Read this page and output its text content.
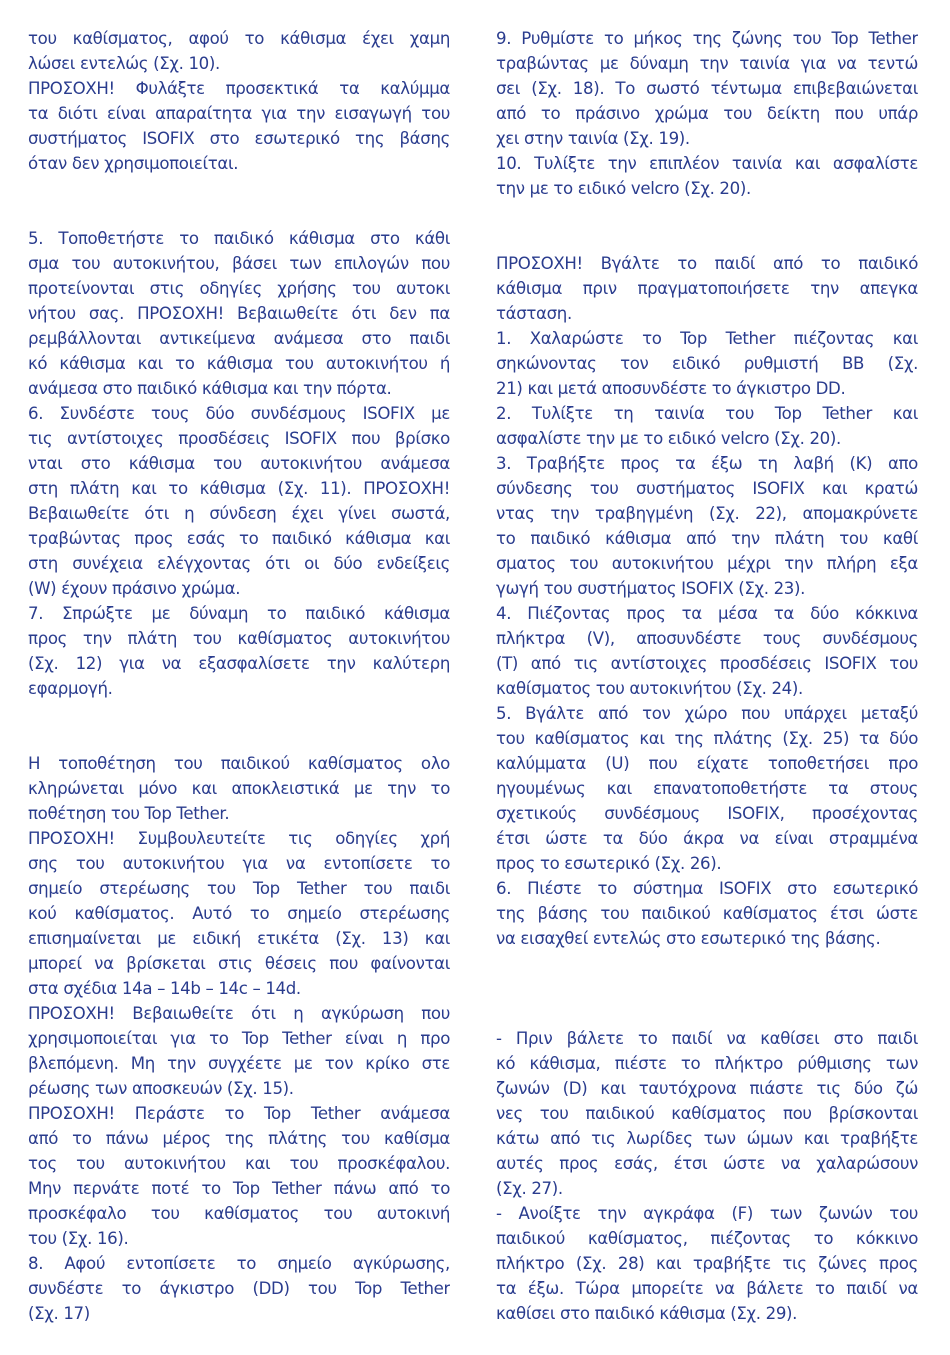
του καθίσματος, αφού το κάθισμα έχει χαμη
λώσει εντελώς (Σχ. 10).
ΠΡΟΣΟΧΗ! Φυλάξτε προσεκτικά τα καλύμμα
τα διότι είναι απαραίτητα για την εισαγωγή του
συστήματος ISOFIX στο εσωτερικό της βάσης
όταν δεν χρησιμοποιείται.
5. Τοποθετήστε το παιδικό κάθισμα στο κάθι
σμα του αυτοκινήτου, βάσει των επιλογών που
προτείνονται στις οδηγίες χρήσης του αυτοκι
νήτου σας. ΠΡΟΣΟΧΗ! Βεβαιωθείτε ότι δεν πα
ρεμβάλλονται αντικείμενα ανάμεσα στο παιδι
κό κάθισμα και το κάθισμα του αυτοκινήτου ή
ανάμεσα στο παιδικό κάθισμα και την πόρτα.
6. Συνδέστε τους δύο συνδέσμους ISOFIX με
τις αντίστοιχες προσδέσεις ISOFIX που βρίσκο
νται στο κάθισμα του αυτοκινήτου ανάμεσα
στη πλάτη και το κάθισμα (Σχ. 11). ΠΡΟΣΟΧΗ!
Βεβαιωθείτε ότι η σύνδεση έχει γίνει σωστά,
τραβώντας προς εσάς το παιδικό κάθισμα και
στη συνέχεια ελέγχοντας ότι οι δύο ενδείξεις
(W) έχουν πράσινο χρώμα.
7. Σπρώξτε με δύναμη το παιδικό κάθισμα
προς την πλάτη του καθίσματος αυτοκινήτου
(Σχ. 12) για να εξασφαλίσετε την καλύτερη
εφαρμογή.
Η τοποθέτηση του παιδικού καθίσματος ολο
κληρώνεται μόνο και αποκλειστικά με την το
ποθέτηση του Top Tether.
ΠΡΟΣΟΧΗ! Συμβουλευτείτε τις οδηγίες χρή
σης του αυτοκινήτου για να εντοπίσετε το
σημείο στερέωσης του Top Tether του παιδι
κού καθίσματος. Αυτό το σημείο στερέωσης
επισημαίνεται με ειδική ετικέτα (Σχ. 13) και
μπορεί να βρίσκεται στις θέσεις που φαίνονται
στα σχέδια 14a – 14b – 14c – 14d.
ΠΡΟΣΟΧΗ! Βεβαιωθείτε ότι η αγκύρωση που
χρησιμοποιείται για το Top Tether είναι η προ
βλεπόμενη. Μη την συγχέετε με τον κρίκο στε
ρέωσης των αποσκευών (Σχ. 15).
ΠΡΟΣΟΧΗ! Περάστε το Top Tether ανάμεσα
από το πάνω μέρος της πλάτης του καθίσμα
τος του αυτοκινήτου και του προσκέφαλου.
Μην περνάτε ποτέ το Top Tether πάνω από το
προσκέφαλο του καθίσματος του αυτοκινή
του (Σχ. 16).
8. Αφού εντοπίσετε το σημείο αγκύρωσης,
συνδέστε το άγκιστρο (DD) του Top Tether
(Σχ. 17)
9. Ρυθμίστε το μήκος της ζώνης του Top Tether
τραβώντας με δύναμη την ταινία για να τεντώ
σει (Σχ. 18). Το σωστό τέντωμα επιβεβαιώνεται
από το πράσινο χρώμα του δείκτη που υπάρ
χει στην ταινία (Σχ. 19).
10. Τυλίξτε την επιπλέον ταινία και ασφαλίστε
την με το ειδικό velcro (Σχ. 20).
ΠΡΟΣΟΧΗ! Βγάλτε το παιδί από το παιδικό
κάθισμα πριν πραγματοποιήσετε την απεγκα
τάσταση.
1. Χαλαρώστε το Top Tether πιέζοντας και
σηκώνοντας τον ειδικό ρυθμιστή BB (Σχ.
21) και μετά αποσυνδέστε το άγκιστρο DD.
2. Τυλίξτε τη ταινία του Top Tether και
ασφαλίστε την με το ειδικό velcro (Σχ. 20).
3. Τραβήξτε προς τα έξω τη λαβή (K) απο
σύνδεσης του συστήματος ISOFIX και κρατώ
ντας την τραβηγμένη (Σχ. 22), απομακρύνετε
το παιδικό κάθισμα από την πλάτη του καθί
σματος του αυτοκινήτου μέχρι την πλήρη εξα
γωγή του συστήματος ISOFIX (Σχ. 23).
4. Πιέζοντας προς τα μέσα τα δύο κόκκινα
πλήκτρα (V), αποσυνδέστε τους συνδέσμους
(T) από τις αντίστοιχες προσδέσεις ISOFIX του
καθίσματος του αυτοκινήτου (Σχ. 24).
5. Βγάλτε από τον χώρο που υπάρχει μεταξύ
του καθίσματος και της πλάτης (Σχ. 25) τα δύο
καλύμματα (U) που είχατε τοποθετήσει προ
ηγουμένως και επανατοποθετήστε τα στους
σχετικούς συνδέσμους ISOFIX, προσέχοντας
έτσι ώστε τα δύο άκρα να είναι στραμμένα
προς το εσωτερικό (Σχ. 26).
6. Πιέστε το σύστημα ISOFIX στο εσωτερικό
της βάσης του παιδικού καθίσματος έτσι ώστε
να εισαχθεί εντελώς στο εσωτερικό της βάσης.
- Πριν βάλετε το παιδί να καθίσει στο παιδι
κό κάθισμα, πιέστε το πλήκτρο ρύθμισης των
ζωνών (D) και ταυτόχρονα πιάστε τις δύο ζώ
νες του παιδικού καθίσματος που βρίσκονται
κάτω από τις λωρίδες των ώμων και τραβήξτε
αυτές προς εσάς, έτσι ώστε να χαλαρώσουν
(Σχ. 27).
- Ανοίξτε την αγκράφα (F) των ζωνών του
παιδικού καθίσματος, πιέζοντας το κόκκινο
πλήκτρο (Σχ. 28) και τραβήξτε τις ζώνες προς
τα έξω. Τώρα μπορείτε να βάλετε το παιδί να
καθίσει στο παιδικό κάθισμα (Σχ. 29).
